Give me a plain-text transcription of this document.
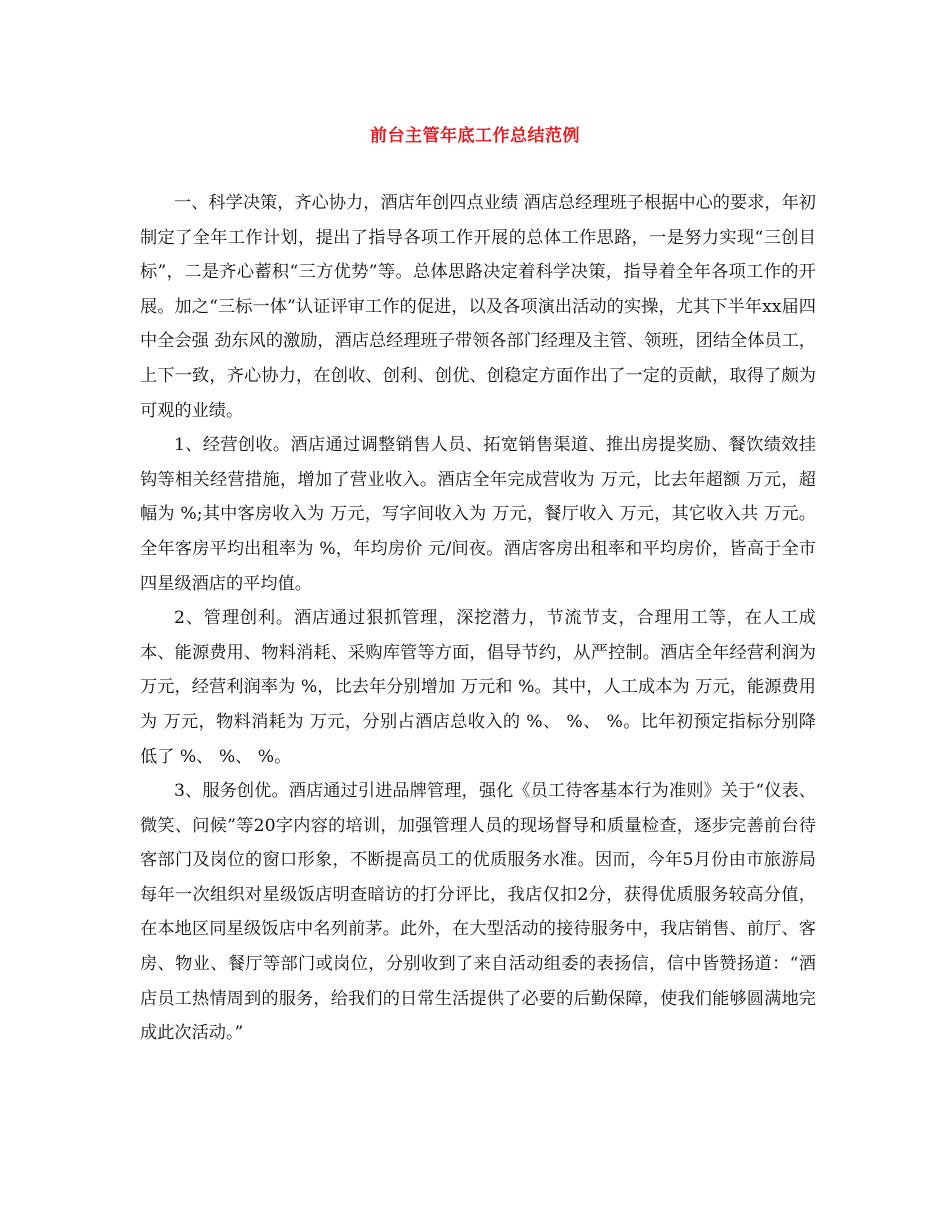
前台主管年底工作总结范例

一、科学决策，齐心协力，酒店年创四点业绩 酒店总经理班子根据中心的要求，年初制定了全年工作计划，提出了指导各项工作开展的总体工作思路，一是努力实现“三创目标”，二是齐心蓄积“三方优势”等。总体思路决定着科学决策，指导着全年各项工作的开展。加之“三标一体”认证评审工作的促进，以及各项演出活动的实操，尤其下半年xx届四中全会强 劲东风的激励，酒店总经理班子带领各部门经理及主管、领班，团结全体员工，上下一致，齐心协力，在创收、创利、创优、创稳定方面作出了一定的贡献，取得了颇为可观的业绩。

1、经营创收。酒店通过调整销售人员、拓宽销售渠道、推出房提奖励、餐饮绩效挂钩等相关经营措施，增加了营业收入。酒店全年完成营收为 万元，比去年超额 万元，超幅为 %;其中客房收入为 万元，写字间收入为 万元，餐厅收入 万元，其它收入共 万元。全年客房平均出租率为 %，年均房价 元/间夜。酒店客房出租率和平均房价，皆高于全市四星级酒店的平均值。

2、管理创利。酒店通过狠抓管理，深挖潜力，节流节支，合理用工等，在人工成本、能源费用、物料消耗、采购库管等方面，倡导节约，从严控制。酒店全年经营利润为 万元，经营利润率为 %，比去年分别增加 万元和 %。其中，人工成本为 万元，能源费用为 万元，物料消耗为 万元，分别占酒店总收入的 %、 %、 %。比年初预定指标分别降低了 %、 %、 %。

3、服务创优。酒店通过引进品牌管理，强化《员工待客基本行为准则》关于“仪表、微笑、问候”等20字内容的培训，加强管理人员的现场督导和质量检查，逐步完善前台待客部门及岗位的窗口形象，不断提高员工的优质服务水准。因而，今年5月份由市旅游局每年一次组织对星级饭店明查暗访的打分评比，我店仅扣2分，获得优质服务较高分值，在本地区同星级饭店中名列前茅。此外，在大型活动的接待服务中，我店销售、前厅、客房、物业、餐厅等部门或岗位，分别收到了来自活动组委的表扬信，信中皆赞扬道：“酒店员工热情周到的服务，给我们的日常生活提供了必要的后勤保障，使我们能够圆满地完成此次活动。”
